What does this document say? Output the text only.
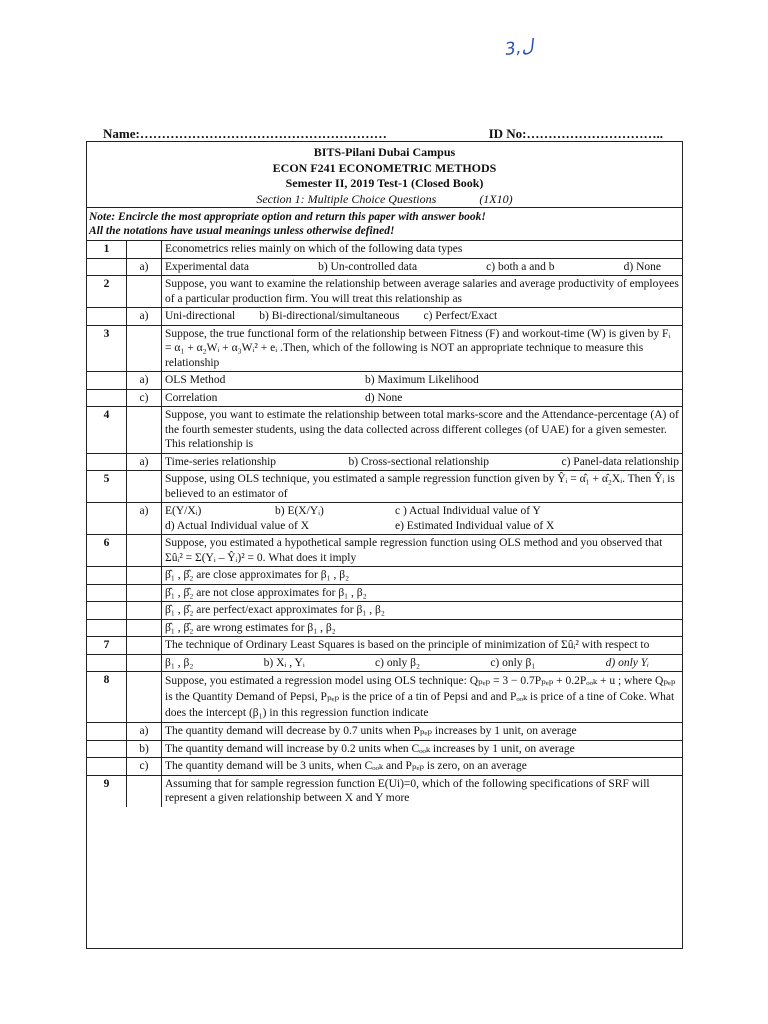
3,ل
Name:…………………………………………………	ID No:…………………………..
BITS-Pilani Dubai Campus
ECON F241 ECONOMETRIC METHODS
Semester II, 2019 Test-1 (Closed Book)
Section 1: Multiple Choice Questions	(1X10)
Note: Encircle the most appropriate option and return this paper with answer book!
All the notations have usual meanings unless otherwise defined!
1		Econometrics relies mainly on which of the following data types
	a)	Experimental data b) Un-controlled data c) both a and b d) None

2		Suppose, you want to examine the relationship between average salaries and average productivity of employees of a particular production firm. You will treat this relationship as
	a)	Uni-directional b) Bi-directional/simultaneous c) Perfect/Exact

3		Suppose, the true functional form of the relationship between Fitness (F) and workout-time (W) is given by Fᵢ = α₁ + α₂Wᵢ + α₃Wᵢ² + eᵢ .Then, which of the following is NOT an appropriate technique to measure this relationship
	a)	OLS Method b) Maximum Likelihood

	c)	Correlation d) None

4		Suppose, you want to estimate the relationship between total marks-score and the Attendance-percentage (A) of the fourth semester students, using the data collected across different colleges (of UAE) for a given semester. This relationship is
	a)	Time-series relationship b) Cross-sectional relationship c) Panel-data relationship

5		Suppose, using OLS technique, you estimated a sample regression function given by Ŷᵢ = α̂₁ + α̂₂Xᵢ. Then Ŷᵢ is believed to an estimator of
	a)	E(Y/Xᵢ) b) E(X/Yᵢ) c ) Actual Individual value of Y
d) Actual Individual value of X e) Estimated Individual value of X

6		Suppose, you estimated a hypothetical sample regression function using OLS method and you observed that Σûᵢ² = Σ(Yᵢ – Ŷᵢ)² = 0. What does it imply
		β̂₁ , β̂₂ are close approximates for β₁ , β₂
		β̂₁ , β̂₂ are not close approximates for β₁ , β₂
		β̂₁ , β̂₂ are perfect/exact approximates for β₁ , β₂
		β̂₁ , β̂₂ are wrong estimates for β₁ , β₂
7		The technique of Ordinary Least Squares is based on the principle of minimization of Σûᵢ² with respect to

		β₁ , β₂ b) Xᵢ , Yᵢ c) only β₂ c) only β₁ d) only Yᵢ

8		Suppose, you estimated a regression model using OLS technique: Qₚₑₚ = 3 − 0.7Pₚₑₚ + 0.2Pₒₒₖ + u ; where Qₚₑₚ is the Quantity Demand of Pepsi, Pₚₑₚ is the price of a tin of Pepsi and and Pₒₒₖ is price of a tine of Coke. What does the intercept (β₁) in this regression function indicate
	a)	The quantity demand will decrease by 0.7 units when Pₚₑₚ increases by 1 unit, on average
	b)	The quantity demand will increase by 0.2 units when Cₒₒₖ increases by 1 unit, on average
	c)	The quantity demand will be 3 units, when Cₒₒₖ and Pₚₑₚ is zero, on an average
9		Assuming that for sample regression function E(Ui)=0, which of the following specifications of SRF will represent a given relationship between X and Y more
